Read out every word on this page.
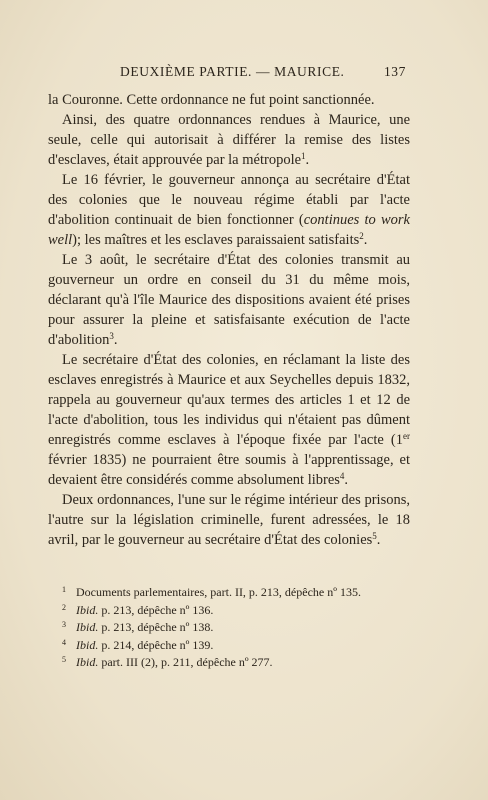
DEUXIÈME PARTIE. — MAURICE.	137

la Couronne. Cette ordonnance ne fut point sanctionnée.

Ainsi, des quatre ordonnances rendues à Maurice, une seule, celle qui autorisait à différer la remise des listes d'esclaves, était approuvée par la métropole$^1$.

Le 16 février, le gouverneur annonça au secrétaire d'État des colonies que le nouveau régime établi par l'acte d'abolition continuait de bien fonctionner (continues to work well); les maîtres et les esclaves paraissaient satisfaits$^2$.

Le 3 août, le secrétaire d'État des colonies transmit au gouverneur un ordre en conseil du 31 du même mois, déclarant qu'à l'île Maurice des dispositions avaient été prises pour assurer la pleine et satisfaisante exécution de l'acte d'abolition$^3$.

Le secrétaire d'État des colonies, en réclamant la liste des esclaves enregistrés à Maurice et aux Seychelles depuis 1832, rappela au gouverneur qu'aux termes des articles 1 et 12 de l'acte d'abolition, tous les individus qui n'étaient pas dûment enregistrés comme esclaves à l'époque fixée par l'acte (1er février 1835) ne pourraient être soumis à l'apprentissage, et devaient être considérés comme absolument libres$^4$.

Deux ordonnances, l'une sur le régime intérieur des prisons, l'autre sur la législation criminelle, furent adressées, le 18 avril, par le gouverneur au secrétaire d'État des colonies$^5$.

1 Documents parlementaires, part. II, p. 213, dépêche nº 135.
2 Ibid. p. 213, dépêche nº 136.
3 Ibid. p. 213, dépêche nº 138.
4 Ibid. p. 214, dépêche nº 139.
5 Ibid. part. III (2), p. 211, dépêche nº 277.
